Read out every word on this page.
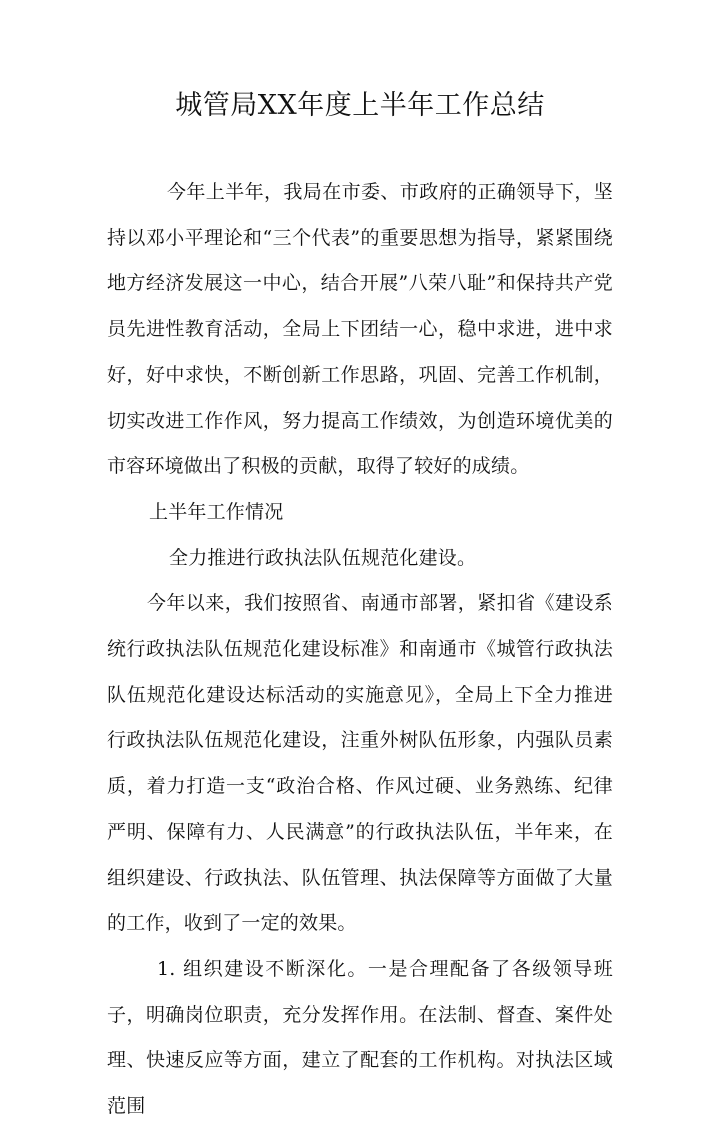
城管局XX年度上半年工作总结

今年上半年，我局在市委、市政府的正确领导下，坚持以邓小平理论和“三个代表”的重要思想为指导，紧紧围绕地方经济发展这一中心，结合开展”八荣八耻”和保持共产党员先进性教育活动，全局上下团结一心，稳中求进，进中求好，好中求快，不断创新工作思路，巩固、完善工作机制，切实改进工作作风，努力提高工作绩效，为创造环境优美的市容环境做出了积极的贡献，取得了较好的成绩。

上半年工作情况

全力推进行政执法队伍规范化建设。

今年以来，我们按照省、南通市部署，紧扣省《建设系统行政执法队伍规范化建设标准》和南通市《城管行政执法队伍规范化建设达标活动的实施意见》，全局上下全力推进行政执法队伍规范化建设，注重外树队伍形象，内强队员素质，着力打造一支“政治合格、作风过硬、业务熟练、纪律严明、保障有力、人民满意”的行政执法队伍，半年来，在组织建设、行政执法、队伍管理、执法保障等方面做了大量的工作，收到了一定的效果。

1. 组织建设不断深化。一是合理配备了各级领导班子，明确岗位职责，充分发挥作用。在法制、督查、案件处理、快速反应等方面，建立了配套的工作机构。对执法区域范围
